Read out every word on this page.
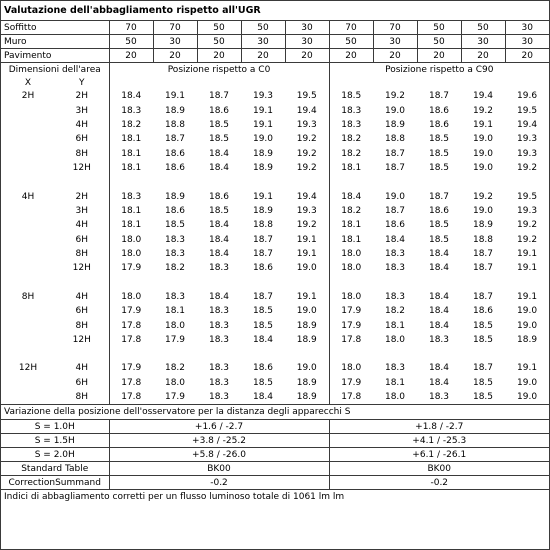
Valutazione dell'abbagliamento rispetto all'UGR
Soffitto	70	70	50	50	30	70	70	50	50	30
Muro	50	30	50	30	30	50	30	50	30	30
Pavimento	20	20	20	20	20	20	20	20	20	20
Dimensioni dell'area		Posizione rispetto a C0					Posizione rispetto a C90				
X	Y										
2H	2H	18.4	19.1	18.7	19.3	19.5	18.5	19.2	18.7	19.4	19.6
	3H	18.3	18.9	18.6	19.1	19.4	18.3	19.0	18.6	19.2	19.5
	4H	18.2	18.8	18.5	19.1	19.3	18.3	18.9	18.6	19.1	19.4
	6H	18.1	18.7	18.5	19.0	19.2	18.2	18.8	18.5	19.0	19.3
	8H	18.1	18.6	18.4	18.9	19.2	18.2	18.7	18.5	19.0	19.3
	12H	18.1	18.6	18.4	18.9	19.2	18.1	18.7	18.5	19.0	19.2

4H	2H	18.3	18.9	18.6	19.1	19.4	18.4	19.0	18.7	19.2	19.5
	3H	18.1	18.6	18.5	18.9	19.3	18.2	18.7	18.6	19.0	19.3
	4H	18.1	18.5	18.4	18.8	19.2	18.1	18.6	18.5	18.9	19.2
	6H	18.0	18.3	18.4	18.7	19.1	18.1	18.4	18.5	18.8	19.2
	8H	18.0	18.3	18.4	18.7	19.1	18.0	18.3	18.4	18.7	19.1
	12H	17.9	18.2	18.3	18.6	19.0	18.0	18.3	18.4	18.7	19.1

8H	4H	18.0	18.3	18.4	18.7	19.1	18.0	18.3	18.4	18.7	19.1
	6H	17.9	18.1	18.3	18.5	19.0	17.9	18.2	18.4	18.6	19.0
	8H	17.8	18.0	18.3	18.5	18.9	17.9	18.1	18.4	18.5	19.0
	12H	17.8	17.9	18.3	18.4	18.9	17.8	18.0	18.3	18.5	18.9

12H	4H	17.9	18.2	18.3	18.6	19.0	18.0	18.3	18.4	18.7	19.1
	6H	17.8	18.0	18.3	18.5	18.9	17.9	18.1	18.4	18.5	19.0
	8H	17.8	17.9	18.3	18.4	18.9	17.8	18.0	18.3	18.5	19.0
Variazione della posizione dell'osservatore per la distanza degli apparecchi S		
S = 1.0H	+1.6 / -2.7	+1.8 / -2.7
S = 1.5H	+3.8 / -25.2	+4.1 / -25.3
S = 2.0H	+5.8 / -26.0	+6.1 / -26.1
Standard Table	BK00	BK00
CorrectionSummand	-0.2	-0.2
Indici di abbagliamento corretti per un flusso luminoso totale di 1061 lm lm
